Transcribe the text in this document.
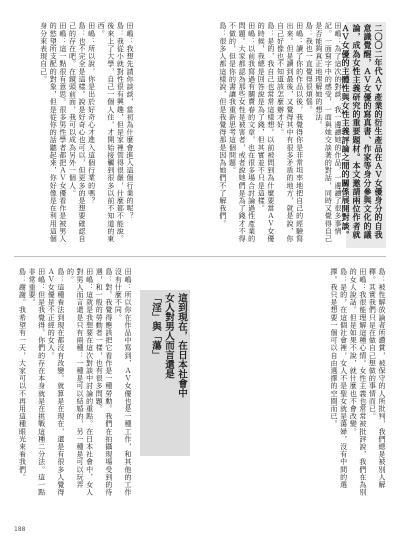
二〇〇二年代ＡＶ產業的衍生產品在ＡＶ女優身分的自我意識覺醒，ＡＶ女優的寫真書、作家等身分參與文化的議論，成為女性主義研究的重要題材。本文邀請兩位作者就ＡＶ女優的主體性與女性主義評論之間的關係展開對談。

田嶋：為了這次的對談，我一邊讀她的作品，一邊讀了很多事情記。一面寫字中的感受，一面與她交談著的對話，同時又覺得自己是否能夠真正地理解她的想法。

島：我也一直覺得很煩惱。

田嶋：讀了你的作品以後，我覺得你是非常坦率地把自己的經驗寫出來。但是讀到最後，又覺得其中有很多矛盾的地方，就是說，你自己好像也不知道該怎麼辦才好。

島：是的，我自己也常常這樣想。以前被問到為什麼要當ＡＶ女優的時候，我總是回答說是為了錢，但其實並不只是這樣。

田嶋：以前我寫過有關賣春的文章，也在很多場合討論過性產業的問題。大家都認為那些女性是被害者，或者說她們是為了錢才不得不做的，但是你的書讓我重新思考這個問題。

島：很多人都這樣說，但是我覺得那是因為她們不了解我們。

這到現在，在日本社會中
女人對男人而言還是
「淫」與「蕩」

田嶋：我想先請你談談，當初為什麼會進入這個行業的呢？

島：我從小就對性很有興趣，但是家裡管得很嚴，什麼都不能說。後來上了大學，自己一個人住，才開始接觸到很多以前不知道的東西。

田嶋：所以說，你是出於好奇心才進入這個行業的嗎？

島：也不完全是這樣。說是好奇心也可以，但更多的是想要確認自己的存在吧。在鏡頭前面，我可以成為另外一個人。

田嶋：這一點很有意思。很多男性學者都把ＡＶ女優看作是被男人的慾望所支配的對象，但是從你的話聽起來，你好像是在利用這個身分來表現自己。

島：被性解放論者所讚賞，被保守的人所批判，我們總是被別人解釋。其實我們只是在做自己想做的事情而已。

田嶋：我很能理解這種心情。女性主義也常常被批評說，我們在為別的女人說話。但是如果不說，就什麼也不會改變。

島：是的，在這個社會裡，女人不是聖女就是蕩婦，沒有中間的選擇。我只是想要一個可以自由選擇的空間而已。

田嶋：所以你在作品中寫到，ＡＶ女優也是一種工作，和其他的工作沒有什麼不同。

島：對。我覺得應該把它看作是一種勞動。我們在拍攝現場受到的待遇，和一般的勞動者一樣，也有很多問題。

田嶋：這就是我想要在這次對談中討論的重點。在日本社會中，女人對男人而言還是只有兩種：一種是可以結婚的，另一種是可以玩弄的。

島：這種看法到現在都沒有改變。就算是在現在，還是有很多人覺得ＡＶ女優是不正經的女人。

田嶋：但是我覺得，你們的存在本身就是在挑戰這種二分法。這一點非常重要。

島：謝謝。我希望有一天，大家可以不再用這種眼光來看我們。

188
